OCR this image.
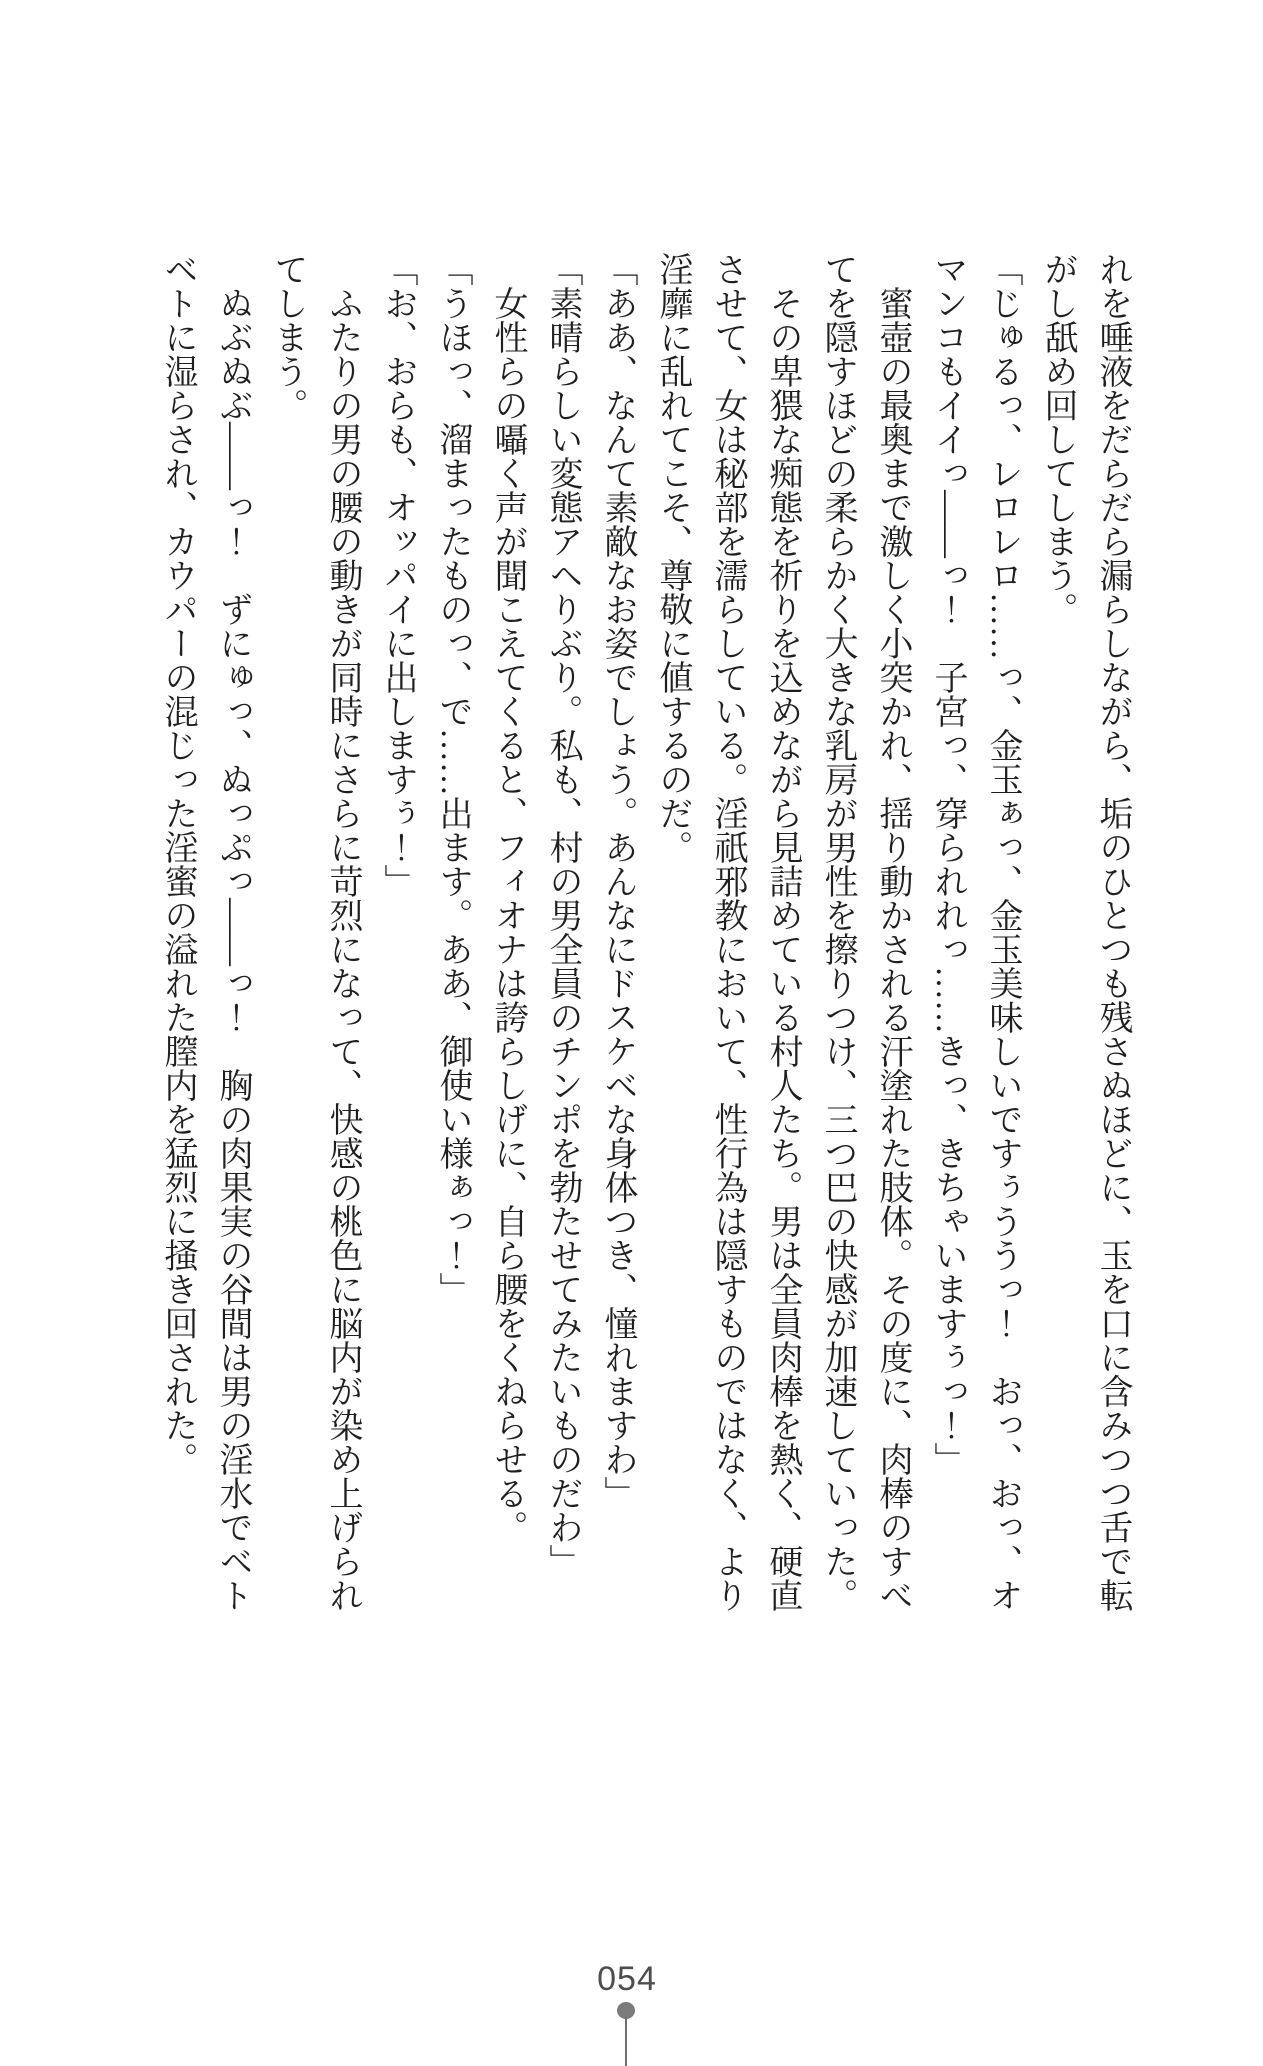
れを唾液をだらだら漏らしながら、垢のひとつも残さぬほどに、玉を口に含みつつ舌で転

がし舐め回してしまう。

「じゅるっ、レロレロ……っ、金玉ぁっ、金玉美味しいですぅううっ！　おっ、おっ、オ

マンコもイイっ――っ！　子宮っ、穿られれっ……きっ、きちゃいますぅっ！」

　蜜壺の最奥まで激しく小突かれ、揺り動かされる汗塗れた肢体。その度に、肉棒のすべ

てを隠すほどの柔らかく大きな乳房が男性を擦りつけ、三つ巴の快感が加速していった。

　その卑猥な痴態を祈りを込めながら見詰めている村人たち。男は全員肉棒を熱く、硬直

させて、女は秘部を濡らしている。淫祇邪教において、性行為は隠すものではなく、より

淫靡に乱れてこそ、尊敬に値するのだ。

「ああ、なんて素敵なお姿でしょう。あんなにドスケベな身体つき、憧れますわ」

「素晴らしい変態アヘりぶり。私も、村の男全員のチンポを勃たせてみたいものだわ」

　女性らの囁く声が聞こえてくると、フィオナは誇らしげに、自ら腰をくねらせる。

「うほっ、溜まったものっ、で……出ます。ああ、御使い様ぁっ！」

「お、おらも、オッパイに出しますぅ！」

　ふたりの男の腰の動きが同時にさらに苛烈になって、快感の桃色に脳内が染め上げられ

てしまう。

　ぬぶぬぶ――っ！　ずにゅっ、ぬっぷっ――っ！　胸の肉果実の谷間は男の淫水でベト

ベトに湿らされ、カウパーの混じった淫蜜の溢れた膣内を猛烈に掻き回された。

054
